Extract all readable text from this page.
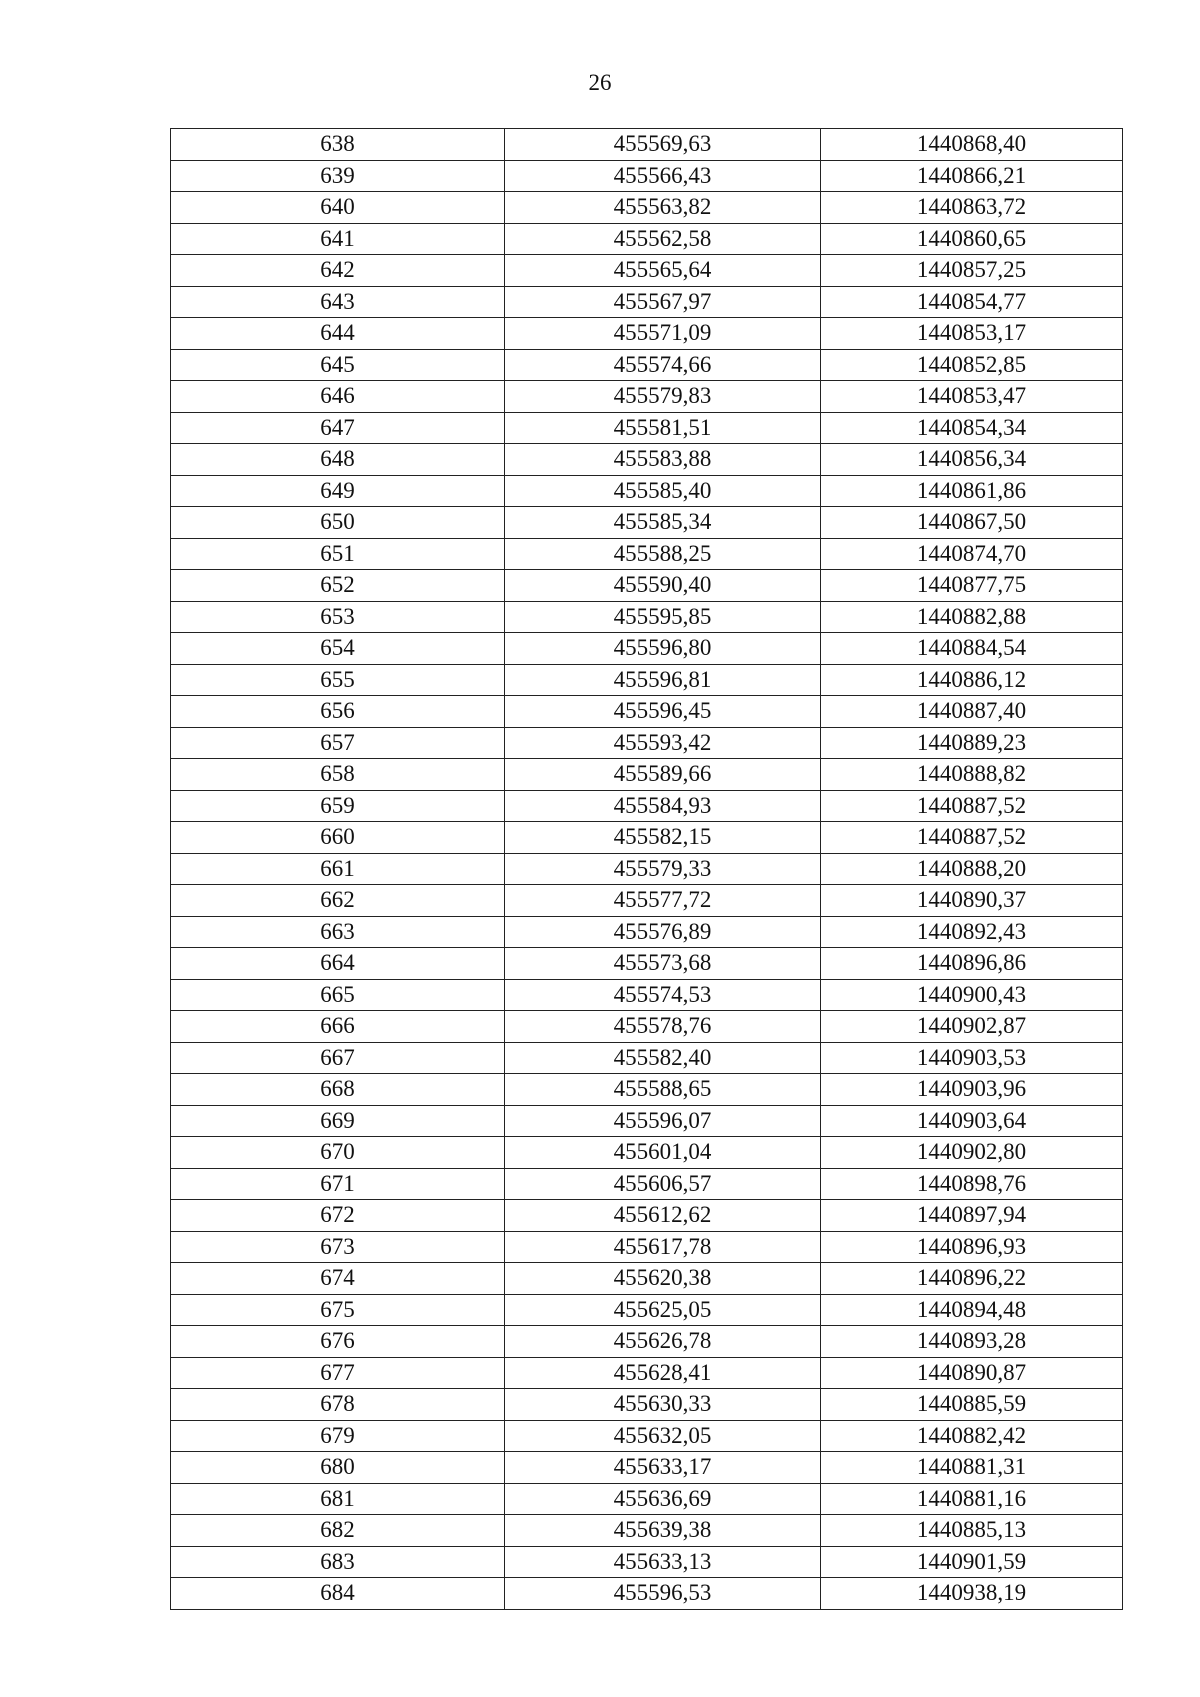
26
638	455569,63	1440868,40
639	455566,43	1440866,21
640	455563,82	1440863,72
641	455562,58	1440860,65
642	455565,64	1440857,25
643	455567,97	1440854,77
644	455571,09	1440853,17
645	455574,66	1440852,85
646	455579,83	1440853,47
647	455581,51	1440854,34
648	455583,88	1440856,34
649	455585,40	1440861,86
650	455585,34	1440867,50
651	455588,25	1440874,70
652	455590,40	1440877,75
653	455595,85	1440882,88
654	455596,80	1440884,54
655	455596,81	1440886,12
656	455596,45	1440887,40
657	455593,42	1440889,23
658	455589,66	1440888,82
659	455584,93	1440887,52
660	455582,15	1440887,52
661	455579,33	1440888,20
662	455577,72	1440890,37
663	455576,89	1440892,43
664	455573,68	1440896,86
665	455574,53	1440900,43
666	455578,76	1440902,87
667	455582,40	1440903,53
668	455588,65	1440903,96
669	455596,07	1440903,64
670	455601,04	1440902,80
671	455606,57	1440898,76
672	455612,62	1440897,94
673	455617,78	1440896,93
674	455620,38	1440896,22
675	455625,05	1440894,48
676	455626,78	1440893,28
677	455628,41	1440890,87
678	455630,33	1440885,59
679	455632,05	1440882,42
680	455633,17	1440881,31
681	455636,69	1440881,16
682	455639,38	1440885,13
683	455633,13	1440901,59
684	455596,53	1440938,19
